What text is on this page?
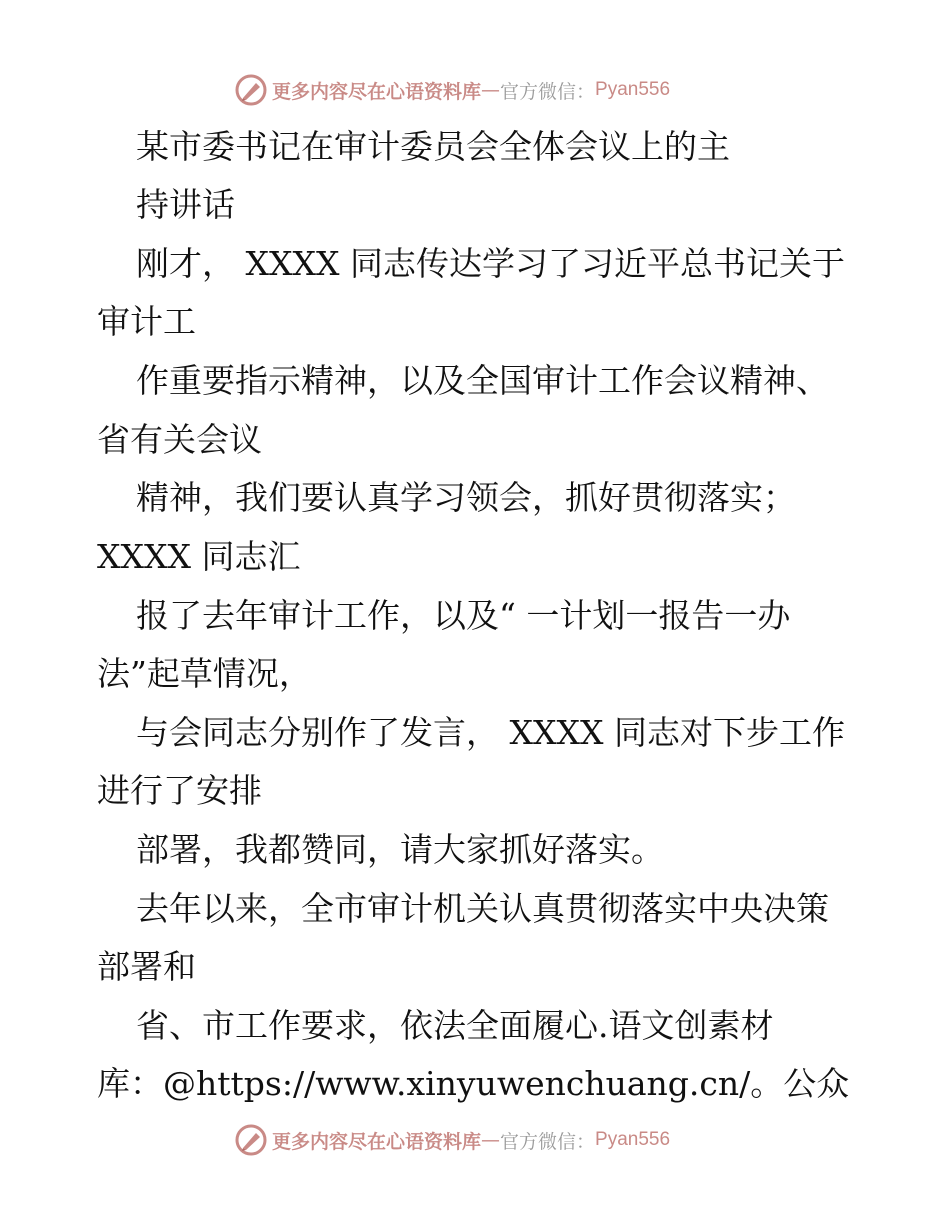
更多内容尽在心语资料库 — 官方微信： Pyan556
某市委书记在审计委员会全体会议上的主
持讲话
刚才， XXXX 同志传达学习了习近平总书记关于
审计工
作重要指示精神，以及全国审计工作会议精神、
省有关会议
精神，我们要认真学习领会，抓好贯彻落实；
XXXX 同志汇
报了去年审计工作，以及“ 一计划一报告一办
法”起草情况，
与会同志分别作了发言， XXXX 同志对下步工作
进行了安排
部署，我都赞同，请大家抓好落实。
去年以来，全市审计机关认真贯彻落实中央决策
部署和
省、市工作要求，依法全面履心.语文创素材
库：@https://www.xinyuwenchuang.cn/。公众
更多内容尽在心语资料库 — 官方微信： Pyan556
